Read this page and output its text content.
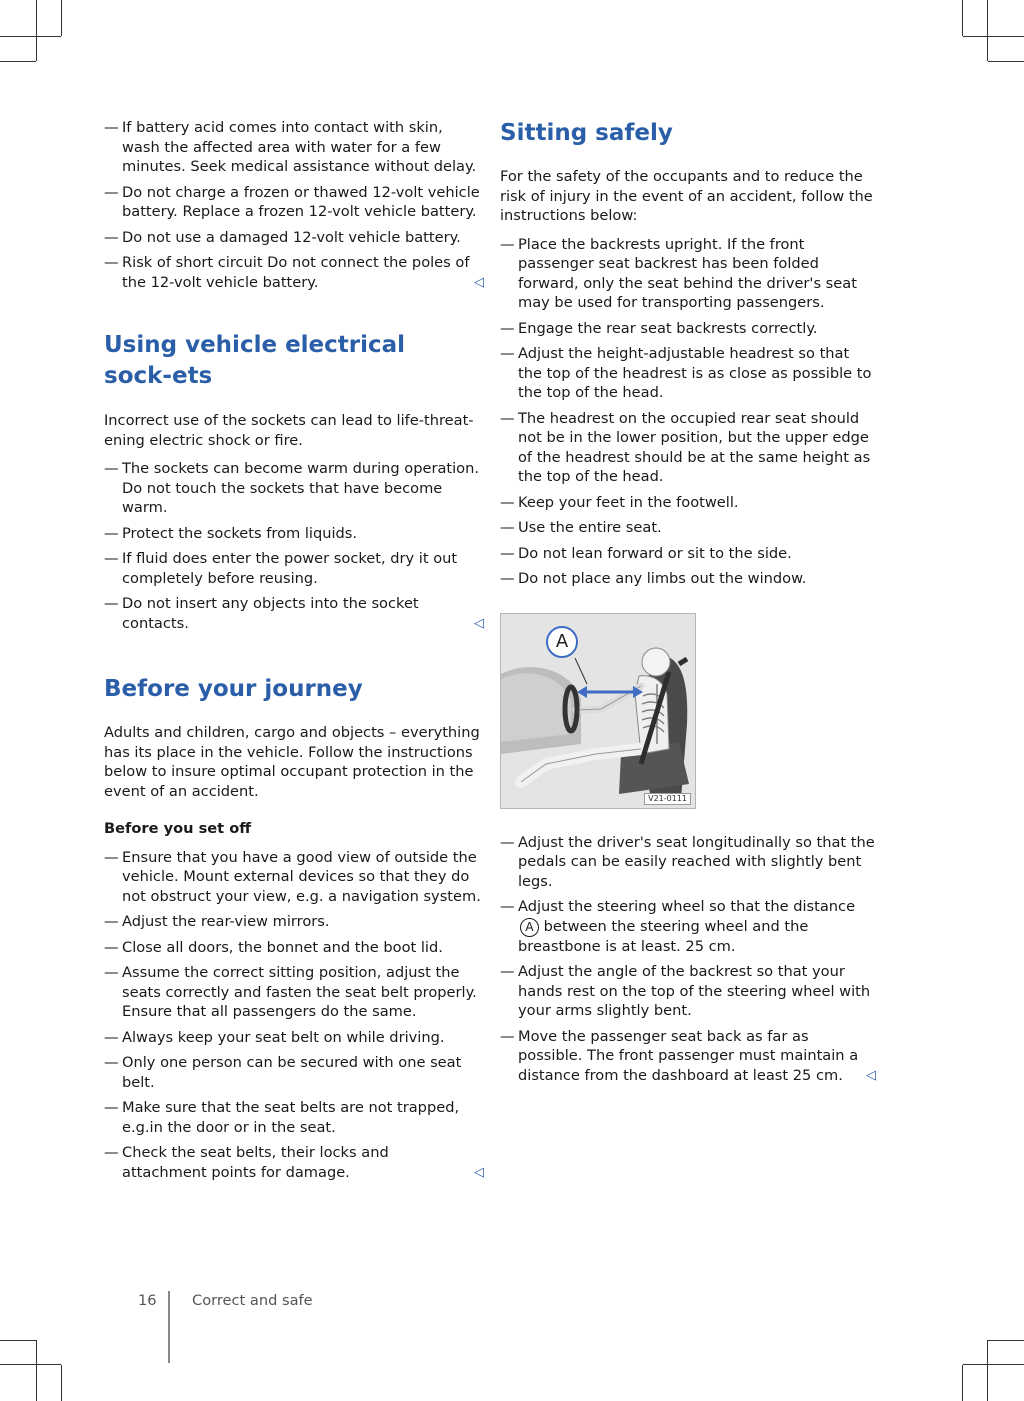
— If battery acid comes into contact with skin, wash the affected area with water for a few minutes. Seek medical assistance without delay.
— Do not charge a frozen or thawed 12-volt vehicle battery. Replace a frozen 12-volt vehicle battery.
— Do not use a damaged 12-volt vehicle battery.
— Risk of short circuit Do not connect the poles of the 12-volt vehicle battery.	◁
Using vehicle electrical sock-ets

Incorrect use of the sockets can lead to life-threat-ening electric shock or fire.

— The sockets can become warm during operation. Do not touch the sockets that have become warm.
— Protect the sockets from liquids.
— If fluid does enter the power socket, dry it out completely before reusing.
— Do not insert any objects into the socket contacts.	◁
Before your journey

Adults and children, cargo and objects – everything has its place in the vehicle. Follow the instructions below to insure optimal occupant protection in the event of an accident.

Before you set off
— Ensure that you have a good view of outside the vehicle. Mount external devices so that they do not obstruct your view, e.g. a navigation system.
— Adjust the rear-view mirrors.
— Close all doors, the bonnet and the boot lid.
— Assume the correct sitting position, adjust the seats correctly and fasten the seat belt properly. Ensure that all passengers do the same.
— Always keep your seat belt on while driving.
— Only one person can be secured with one seat belt.
— Make sure that the seat belts are not trapped, e.g.in the door or in the seat.
— Check the seat belts, their locks and attachment points for damage.	◁
Sitting safely

For the safety of the occupants and to reduce the risk of injury in the event of an accident, follow the instructions below:

— Place the backrests upright. If the front passenger seat backrest has been folded forward, only the seat behind the driver's seat may be used for transporting passengers.
— Engage the rear seat backrests correctly.
— Adjust the height-adjustable headrest so that the top of the headrest is as close as possible to the top of the head.
— The headrest on the occupied rear seat should not be in the lower position, but the upper edge of the headrest should be at the same height as the top of the head.
— Keep your feet in the footwell.
— Use the entire seat.
— Do not lean forward or sit to the side.
— Do not place any limbs out the window.
A
V21-0111
— Adjust the driver's seat longitudinally so that the pedals can be easily reached with slightly bent legs.
— Adjust the steering wheel so that the distance A between the steering wheel and the breastbone is at least. 25 cm.
— Adjust the angle of the backrest so that your hands rest on the top of the steering wheel with your arms slightly bent.
— Move the passenger seat back as far as possible. The front passenger must maintain a distance from the dashboard at least 25 cm. ◁
16 Correct and safe
